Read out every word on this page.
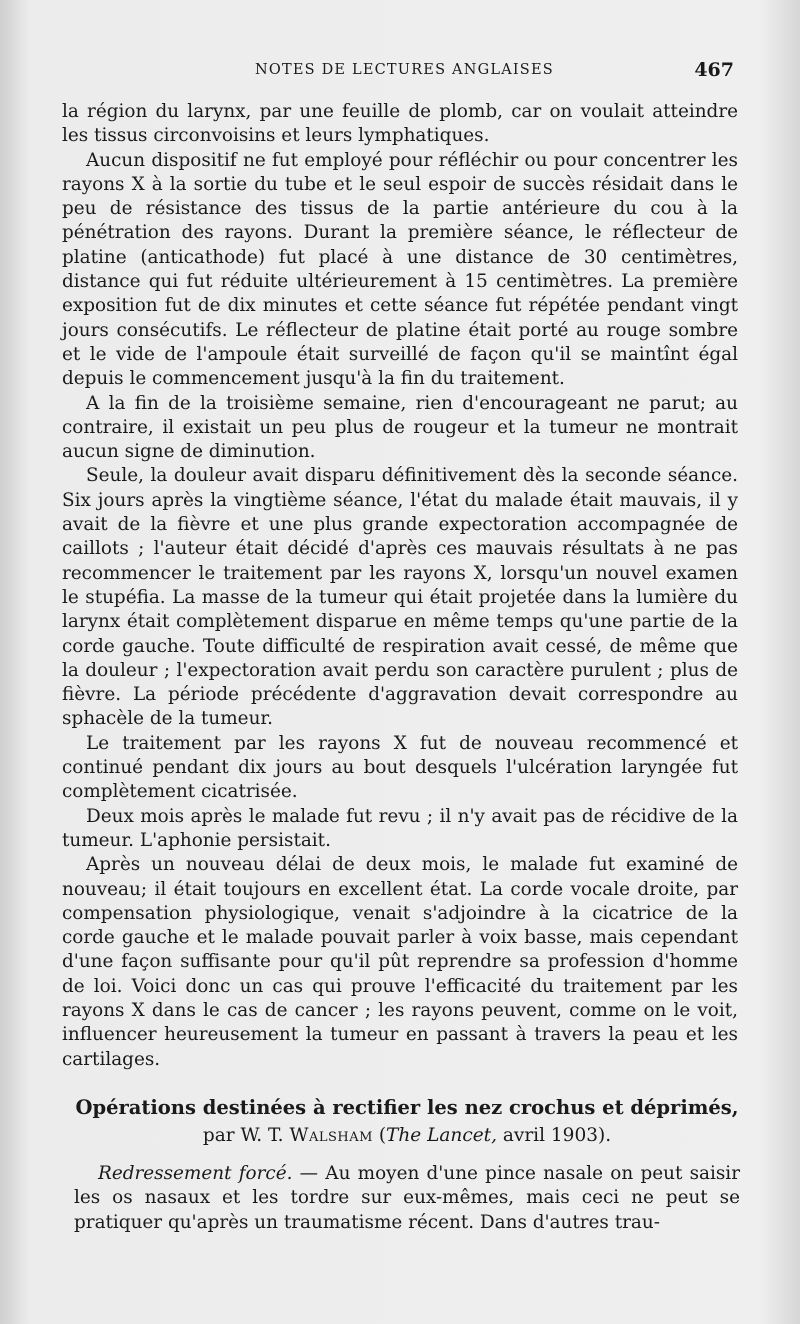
NOTES DE LECTURES ANGLAISES	467

la région du larynx, par une feuille de plomb, car on voulait atteindre les tissus circonvoisins et leurs lymphatiques.

Aucun dispositif ne fut employé pour réfléchir ou pour concentrer les rayons X à la sortie du tube et le seul espoir de succès résidait dans le peu de résistance des tissus de la partie antérieure du cou à la pénétration des rayons. Durant la première séance, le réflecteur de platine (anticathode) fut placé à une distance de 30 centimètres, distance qui fut réduite ultérieurement à 15 centimètres. La première exposition fut de dix minutes et cette séance fut répétée pendant vingt jours consécutifs. Le réflecteur de platine était porté au rouge sombre et le vide de l'ampoule était surveillé de façon qu'il se maintînt égal depuis le commencement jusqu'à la fin du traitement.

A la fin de la troisième semaine, rien d'encourageant ne parut; au contraire, il existait un peu plus de rougeur et la tumeur ne montrait aucun signe de diminution.

Seule, la douleur avait disparu définitivement dès la seconde séance. Six jours après la vingtième séance, l'état du malade était mauvais, il y avait de la fièvre et une plus grande expectoration accompagnée de caillots ; l'auteur était décidé d'après ces mauvais résultats à ne pas recommencer le traitement par les rayons X, lorsqu'un nouvel examen le stupéfia. La masse de la tumeur qui était projetée dans la lumière du larynx était complètement disparue en même temps qu'une partie de la corde gauche. Toute difficulté de respiration avait cessé, de même que la douleur ; l'expectoration avait perdu son caractère purulent ; plus de fièvre. La période précédente d'aggravation devait correspondre au sphacèle de la tumeur.

Le traitement par les rayons X fut de nouveau recommencé et continué pendant dix jours au bout desquels l'ulcération laryngée fut complètement cicatrisée.

Deux mois après le malade fut revu ; il n'y avait pas de récidive de la tumeur. L'aphonie persistait.

Après un nouveau délai de deux mois, le malade fut examiné de nouveau; il était toujours en excellent état. La corde vocale droite, par compensation physiologique, venait s'adjoindre à la cicatrice de la corde gauche et le malade pouvait parler à voix basse, mais cependant d'une façon suffisante pour qu'il pût reprendre sa profession d'homme de loi. Voici donc un cas qui prouve l'efficacité du traitement par les rayons X dans le cas de cancer ; les rayons peuvent, comme on le voit, influencer heureusement la tumeur en passant à travers la peau et les cartilages.

Opérations destinées à rectifier les nez crochus et déprimés,
par W. T. Walsham (The Lancet, avril 1903).

Redressement forcé. — Au moyen d'une pince nasale on peut saisir les os nasaux et les tordre sur eux-mêmes, mais ceci ne peut se pratiquer qu'après un traumatisme récent. Dans d'autres trau-
